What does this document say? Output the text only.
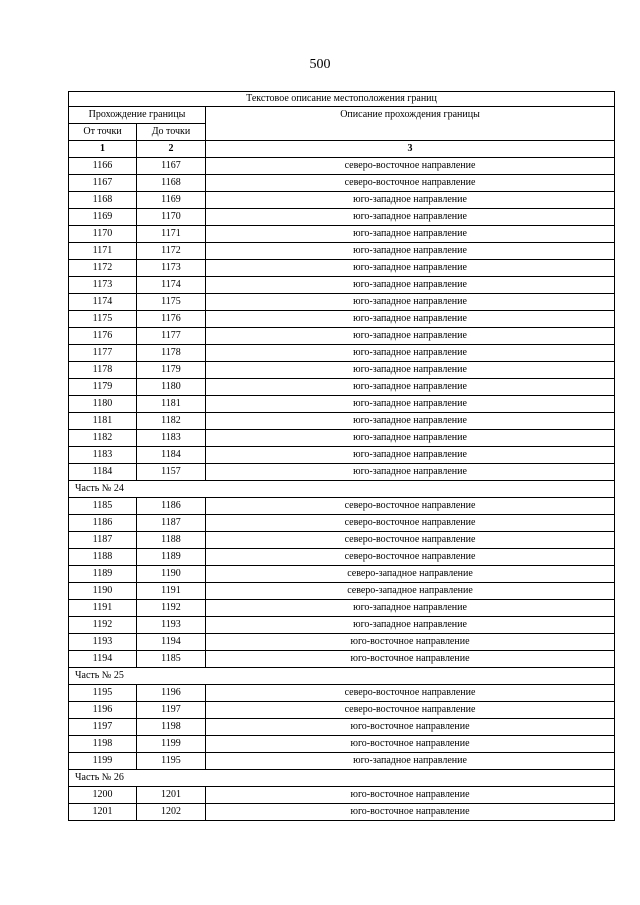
500
Текстовое описание местоположения границ		
Прохождение границы		Описание прохождения границы
От точки	До точки	
1	2	3
1166	1167	северо-восточное направление
1167	1168	северо-восточное направление
1168	1169	юго-западное направление
1169	1170	юго-западное направление
1170	1171	юго-западное направление
1171	1172	юго-западное направление
1172	1173	юго-западное направление
1173	1174	юго-западное направление
1174	1175	юго-западное направление
1175	1176	юго-западное направление
1176	1177	юго-западное направление
1177	1178	юго-западное направление
1178	1179	юго-западное направление
1179	1180	юго-западное направление
1180	1181	юго-западное направление
1181	1182	юго-западное направление
1182	1183	юго-западное направление
1183	1184	юго-западное направление
1184	1157	юго-западное направление
Часть № 24		
1185	1186	северо-восточное направление
1186	1187	северо-восточное направление
1187	1188	северо-восточное направление
1188	1189	северо-восточное направление
1189	1190	северо-западное направление
1190	1191	северо-западное направление
1191	1192	юго-западное направление
1192	1193	юго-западное направление
1193	1194	юго-восточное направление
1194	1185	юго-восточное направление
Часть № 25		
1195	1196	северо-восточное направление
1196	1197	северо-восточное направление
1197	1198	юго-восточное направление
1198	1199	юго-восточное направление
1199	1195	юго-западное направление
Часть № 26		
1200	1201	юго-восточное направление
1201	1202	юго-восточное направление
